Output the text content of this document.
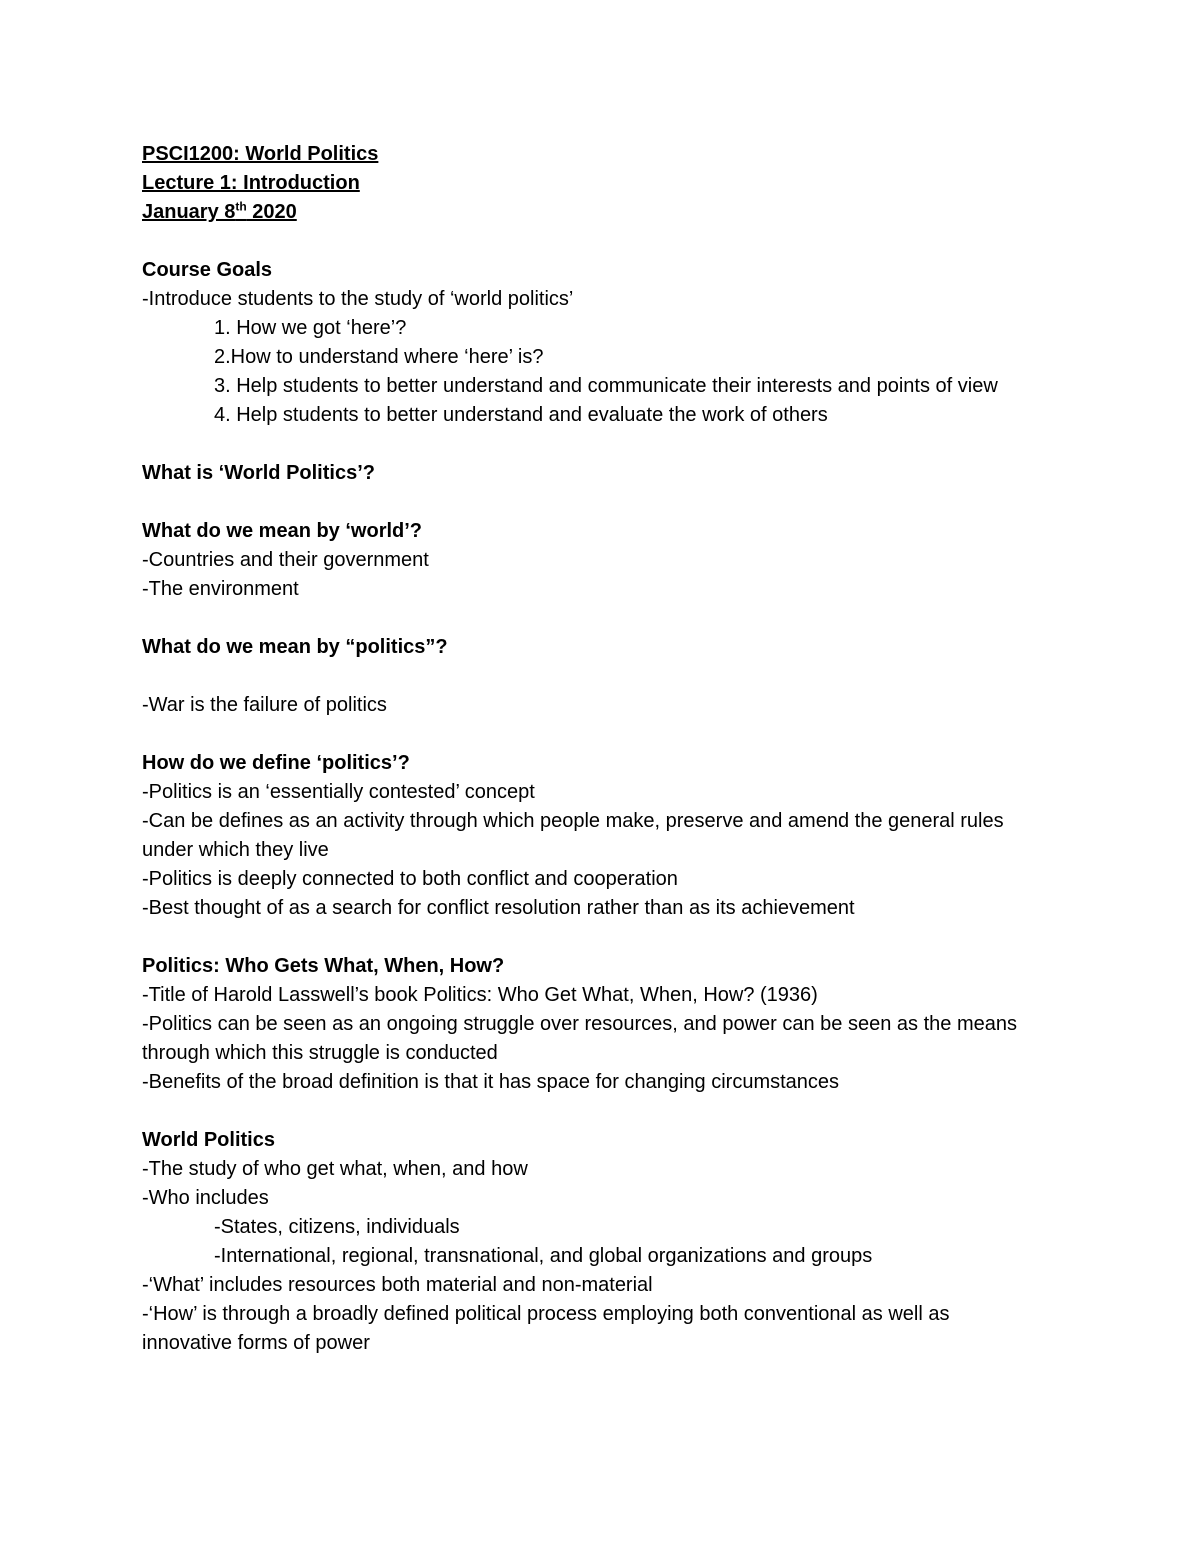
PSCI1200: World Politics

Lecture 1: Introduction

January 8th 2020

Course Goals

-Introduce students to the study of ‘world politics’

1. How we got ‘here’?

2.How to understand where ‘here’ is?

3. Help students to better understand and communicate their interests and points of view

4. Help students to better understand and evaluate the work of others

What is ‘World Politics’?

What do we mean by ‘world’?

-Countries and their government

-The environment

What do we mean by “politics”?

-War is the failure of politics

How do we define ‘politics’?

-Politics is an ‘essentially contested’ concept

-Can be defines as an activity through which people make, preserve and amend the general rules under which they live

-Politics is deeply connected to both conflict and cooperation

-Best thought of as a search for conflict resolution rather than as its achievement

Politics: Who Gets What, When, How?

-Title of Harold Lasswell’s book Politics: Who Get What, When, How? (1936)

-Politics can be seen as an ongoing struggle over resources, and power can be seen as the means through which this struggle is conducted

-Benefits of the broad definition is that it has space for changing circumstances

World Politics

-The study of who get what, when, and how

-Who includes

-States, citizens, individuals

-International, regional, transnational, and global organizations and groups

-‘What’ includes resources both material and non-material

-‘How’ is through a broadly defined political process employing both conventional as well as innovative forms of power
